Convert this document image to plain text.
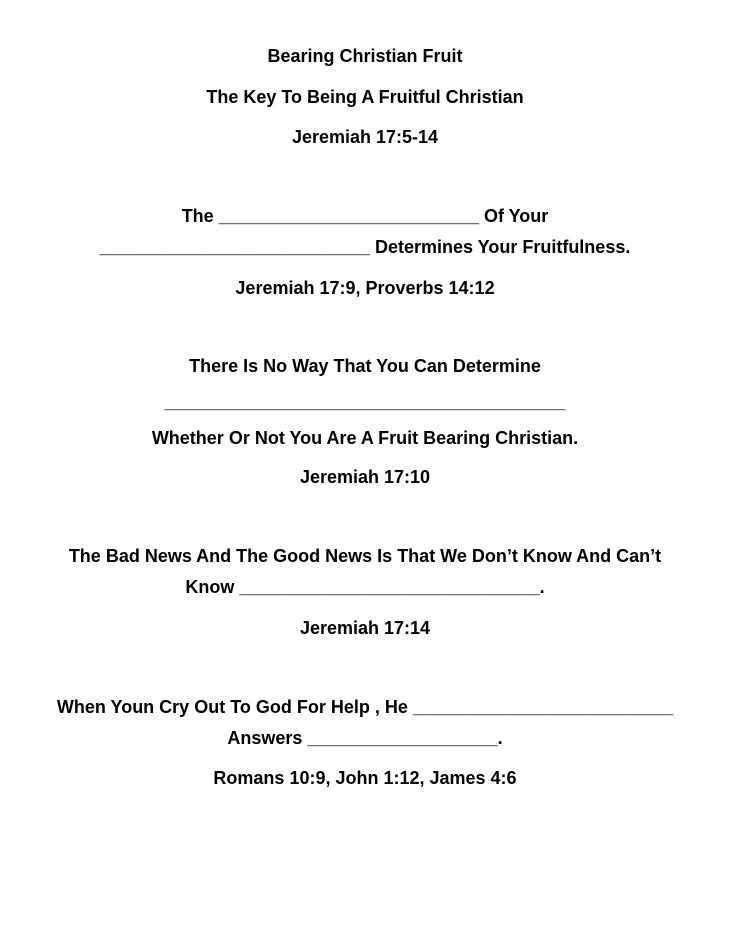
Bearing Christian Fruit
The Key To Being A Fruitful Christian
Jeremiah 17:5-14
The __________________________ Of Your
___________________________ Determines Your Fruitfulness.
Jeremiah 17:9, Proverbs 14:12
There Is No Way That You Can Determine
________________________________________
Whether Or Not You Are A Fruit Bearing Christian.
Jeremiah 17:10
The Bad News And The Good News Is That We Don’t Know And Can’t
Know ______________________________.
Jeremiah 17:14
When Youn Cry Out To God For Help , He __________________________
Answers ___________________.
Romans 10:9, John 1:12, James 4:6
